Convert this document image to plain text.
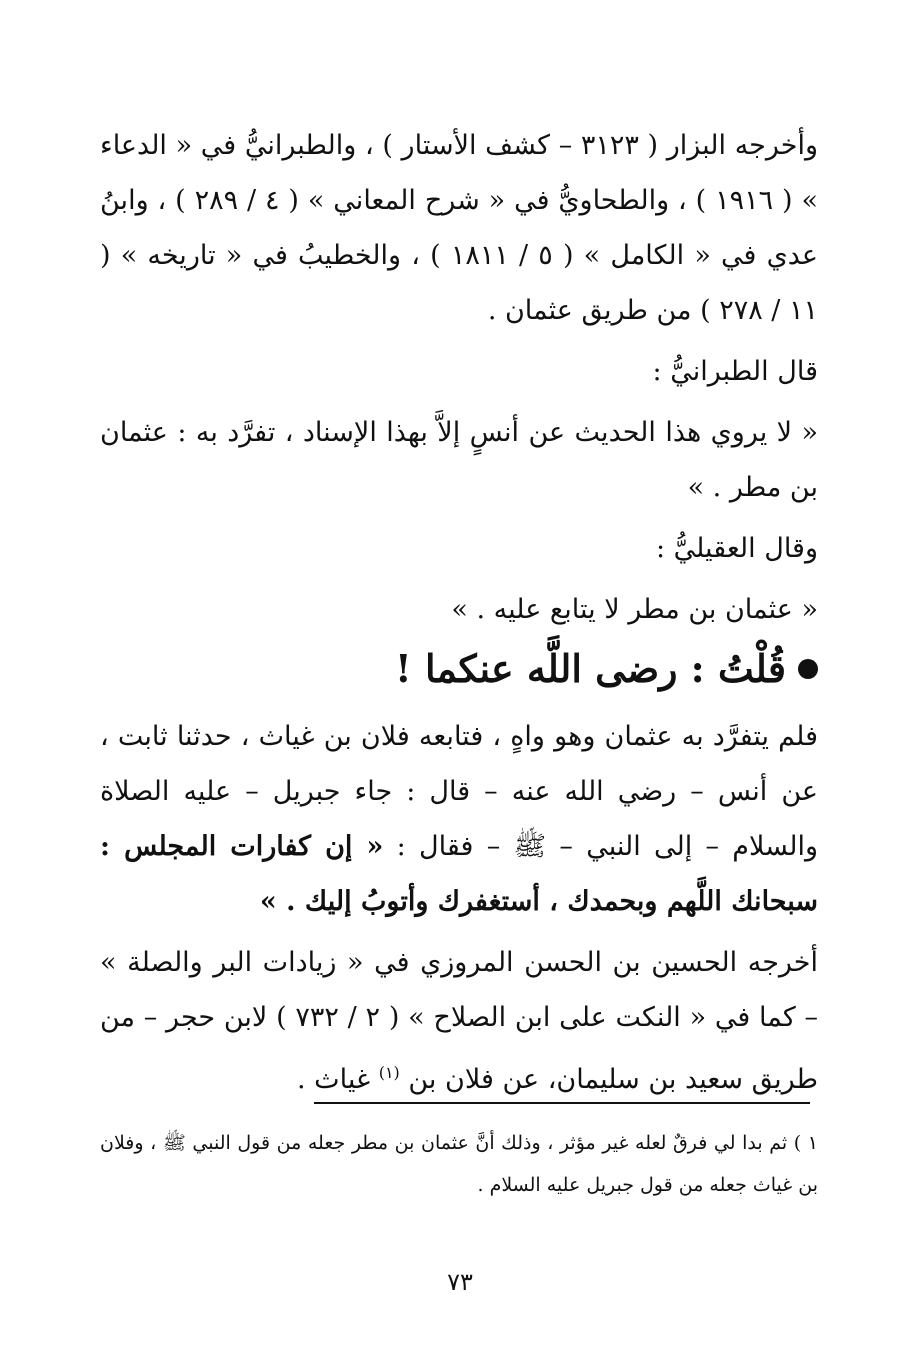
وأخرجه البزار ( ٣١٢٣ – كشف الأستار ) ، والطبرانيُّ في « الدعاء » ( ١٩١٦ ) ، والطحاويُّ في « شرح المعاني » ( ٤ / ٢٨٩ ) ، وابنُ عدي في « الكامل » ( ٥ / ١٨١١ ) ، والخطيبُ في « تاريخه » ( ١١ / ٢٧٨ ) من طريق عثمان .

قال الطبرانيُّ :

« لا يروي هذا الحديث عن أنسٍ إلاَّ بهذا الإسناد ، تفرَّد به : عثمان بن مطر . »

وقال العقيليُّ :

« عثمان بن مطر لا يتابع عليه . »

قُلْتُ : رضى اللَّه عنكما !

فلم يتفرَّد به عثمان وهو واهٍ ، فتابعه فلان بن غياث ، حدثنا ثابت ، عن أنس – رضي الله عنه – قال : جاء جبريل – عليه الصلاة والسلام – إلى النبي – ﷺ – فقال : « إن كفارات المجلس : سبحانك اللَّهم وبحمدك ، أستغفرك وأتوبُ إليك . »

أخرجه الحسين بن الحسن المروزي في « زيادات البر والصلة » – كما في « النكت على ابن الصلاح » ( ٢ / ٧٣٢ ) لابن حجر – من طريق سعيد بن سليمان، عن فلان بن $^{(١)}$ غياث .

١ ) ثم بدا لي فرقٌ لعله غير مؤثر ، وذلك أنَّ عثمان بن مطر جعله من قول النبي ﷺ ، وفلان بن غياث جعله من قول جبريل عليه السلام .
٧٣
